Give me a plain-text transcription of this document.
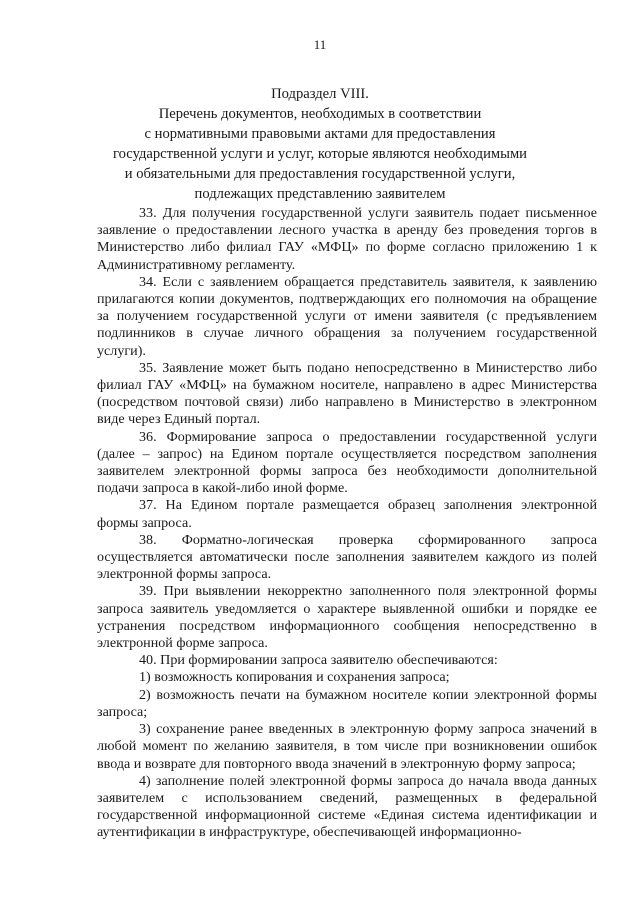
11
Подраздел VIII.
Перечень документов, необходимых в соответствии
с нормативными правовыми актами для предоставления
государственной услуги и услуг, которые являются необходимыми
и обязательными для предоставления государственной услуги,
подлежащих представлению заявителем

33. Для получения государственной услуги заявитель подает письменное заявление о предоставлении лесного участка в аренду без проведения торгов в Министерство либо филиал ГАУ «МФЦ» по форме согласно приложению 1 к Административному регламенту.

34. Если с заявлением обращается представитель заявителя, к заявлению прилагаются копии документов, подтверждающих его полномочия на обращение за получением государственной услуги от имени заявителя (с предъявлением подлинников в случае личного обращения за получением государственной услуги).

35. Заявление может быть подано непосредственно в Министерство либо филиал ГАУ «МФЦ» на бумажном носителе, направлено в адрес Министерства (посредством почтовой связи) либо направлено в Министерство в электронном виде через Единый портал.

36. Формирование запроса о предоставлении государственной услуги (далее – запрос) на Едином портале осуществляется посредством заполнения заявителем электронной формы запроса без необходимости дополнительной подачи запроса в какой-либо иной форме.

37. На Едином портале размещается образец заполнения электронной формы запроса.

38. Форматно-логическая проверка сформированного запроса осуществляется автоматически после заполнения заявителем каждого из полей электронной формы запроса.

39. При выявлении некорректно заполненного поля электронной формы запроса заявитель уведомляется о характере выявленной ошибки и порядке ее устранения посредством информационного сообщения непосредственно в электронной форме запроса.

40. При формировании запроса заявителю обеспечиваются:

1) возможность копирования и сохранения запроса;

2) возможность печати на бумажном носителе копии электронной формы запроса;

3) сохранение ранее введенных в электронную форму запроса значений в любой момент по желанию заявителя, в том числе при возникновении ошибок ввода и возврате для повторного ввода значений в электронную форму запроса;

4) заполнение полей электронной формы запроса до начала ввода данных заявителем с использованием сведений, размещенных в федеральной государственной информационной системе «Единая система идентификации и аутентификации в инфраструктуре, обеспечивающей информационно-
